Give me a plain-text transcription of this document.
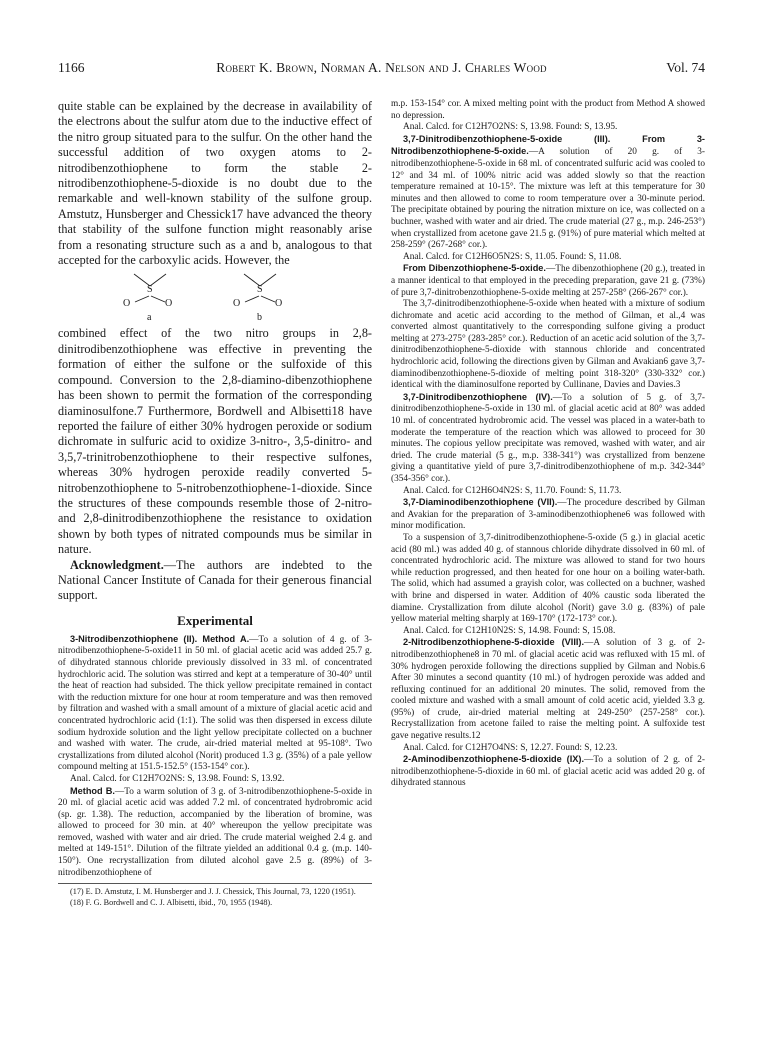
1166	Robert K. Brown, Norman A. Nelson and J. Charles Wood	Vol. 74

quite stable can be explained by the decrease in availability of the electrons about the sulfur atom due to the inductive effect of the nitro group situated para to the sulfur. On the other hand the successful addition of two oxygen atoms to 2-nitrodibenzothiophene to form the stable 2-nitrodibenzothiophene-5-dioxide is no doubt due to the remarkable and well-known stability of the sulfone group. Amstutz, Hunsberger and Chessick17 have advanced the theory that stability of the sulfone function might reasonably arise from a resonating structure such as a and b, analogous to that accepted for the carboxylic acids. However, the

S
O	O
a
S
O	O
b

combined effect of the two nitro groups in 2,8-dinitrodibenzothiophene was effective in preventing the formation of either the sulfone or the sulfoxide of this compound. Conversion to the 2,8-diamino-dibenzothiophene has been shown to permit the formation of the corresponding diaminosulfone.7 Furthermore, Bordwell and Albisetti18 have reported the failure of either 30% hydrogen peroxide or sodium dichromate in sulfuric acid to oxidize 3-nitro-, 3,5-dinitro- and 3,5,7-trinitrobenzothiophene to their respective sulfones, whereas 30% hydrogen peroxide readily converted 5-nitrobenzothiophene to 5-nitrobenzothiophene-1-dioxide. Since the structures of these compounds resemble those of 2-nitro- and 2,8-dinitrodibenzothiophene the resistance to oxidation shown by both types of nitrated compounds mus be similar in nature.

Acknowledgment.—The authors are indebted to the National Cancer Institute of Canada for their generous financial support.

Experimental

3-Nitrodibenzothiophene (II). Method A.—To a solution of 4 g. of 3-nitrodibenzothiophene-5-oxide11 in 50 ml. of glacial acetic acid was added 25.7 g. of dihydrated stannous chloride previously dissolved in 33 ml. of concentrated hydrochloric acid. The solution was stirred and kept at a temperature of 30-40° until the heat of reaction had subsided. The thick yellow precipitate remained in contact with the reduction mixture for one hour at room temperature and was then removed by filtration and washed with a small amount of a mixture of glacial acetic acid and concentrated hydrochloric acid (1:1). The solid was then dispersed in excess dilute sodium hydroxide solution and the light yellow precipitate collected on a buchner and washed with water. The crude, air-dried material melted at 95-108°. Two crystallizations from diluted alcohol (Norit) produced 1.3 g. (35%) of a pale yellow compound melting at 151.5-152.5° (153-154° cor.).

Anal. Calcd. for C12H7O2NS: S, 13.98. Found: S, 13.92.

Method B.—To a warm solution of 3 g. of 3-nitrodibenzothiophene-5-oxide in 20 ml. of glacial acetic acid was added 7.2 ml. of concentrated hydrobromic acid (sp. gr. 1.38). The reduction, accompanied by the liberation of bromine, was allowed to proceed for 30 min. at 40° whereupon the yellow precipitate was removed, washed with water and air dried. The crude material weighed 2.4 g. and melted at 149-151°. Dilution of the filtrate yielded an additional 0.4 g. (m.p. 140-150°). One recrystallization from diluted alcohol gave 2.5 g. (89%) of 3-nitrodibenzothiophene of

(17) E. D. Amstutz, I. M. Hunsberger and J. J. Chessick, This Journal, 73, 1220 (1951).

(18) F. G. Bordwell and C. J. Albisetti, ibid., 70, 1955 (1948).

m.p. 153-154° cor. A mixed melting point with the product from Method A showed no depression.

Anal. Calcd. for C12H7O2NS: S, 13.98. Found: S, 13.95.

3,7-Dinitrodibenzothiophene-5-oxide (III). From 3-Nitrodibenzothiophene-5-oxide.—A solution of 20 g. of 3-nitrodibenzothiophene-5-oxide in 68 ml. of concentrated sulfuric acid was cooled to 12° and 34 ml. of 100% nitric acid was added slowly so that the reaction temperature remained at 10-15°. The mixture was left at this temperature for 30 minutes and then allowed to come to room temperature over a 30-minute period. The precipitate obtained by pouring the nitration mixture on ice, was collected on a buchner, washed with water and air dried. The crude material (27 g., m.p. 246-253°) when crystallized from acetone gave 21.5 g. (91%) of pure material which melted at 258-259° (267-268° cor.).

Anal. Calcd. for C12H6O5N2S: S, 11.05. Found: S, 11.08.

From Dibenzothiophene-5-oxide.—The dibenzothiophene (20 g.), treated in a manner identical to that employed in the preceding preparation, gave 21 g. (73%) of pure 3,7-dinitrobenzothiophene-5-oxide melting at 257-258° (266-267° cor.).

The 3,7-dinitrodibenzothiophene-5-oxide when heated with a mixture of sodium dichromate and acetic acid according to the method of Gilman, et al.,4 was converted almost quantitatively to the corresponding sulfone giving a product melting at 273-275° (283-285° cor.). Reduction of an acetic acid solution of the 3,7-dinitrodibenzothiophene-5-dioxide with stannous chloride and concentrated hydrochloric acid, following the directions given by Gilman and Avakian6 gave 3,7-diaminodibenzothiophene-5-dioxide of melting point 318-320° (330-332° cor.) identical with the diaminosulfone reported by Cullinane, Davies and Davies.3

3,7-Dinitrodibenzothiophene (IV).—To a solution of 5 g. of 3,7-dinitrodibenzothiophene-5-oxide in 130 ml. of glacial acetic acid at 80° was added 10 ml. of concentrated hydrobromic acid. The vessel was placed in a water-bath to moderate the temperature of the reaction which was allowed to proceed for 30 minutes. The copious yellow precipitate was removed, washed with water, and air dried. The crude material (5 g., m.p. 338-341°) was crystallized from benzene giving a quantitative yield of pure 3,7-dinitrodibenzothiophene of m.p. 342-344° (354-356° cor.).

Anal. Calcd. for C12H6O4N2S: S, 11.70. Found: S, 11.73.

3,7-Diaminodibenzothiophene (VII).—The procedure described by Gilman and Avakian for the preparation of 3-aminodibenzothiophene6 was followed with minor modification.

To a suspension of 3,7-dinitrodibenzothiophene-5-oxide (5 g.) in glacial acetic acid (80 ml.) was added 40 g. of stannous chloride dihydrate dissolved in 60 ml. of concentrated hydrochloric acid. The mixture was allowed to stand for two hours while reduction progressed, and then heated for one hour on a boiling water-bath. The solid, which had assumed a grayish color, was collected on a buchner, washed with brine and dispersed in water. Addition of 40% caustic soda liberated the diamine. Crystallization from dilute alcohol (Norit) gave 3.0 g. (83%) of pale yellow material melting sharply at 169-170° (172-173° cor.).

Anal. Calcd. for C12H10N2S: S, 14.98. Found: S, 15.08.

2-Nitrodibenzothiophene-5-dioxide (VIII).—A solution of 3 g. of 2-nitrodibenzothiophene8 in 70 ml. of glacial acetic acid was refluxed with 15 ml. of 30% hydrogen peroxide following the directions supplied by Gilman and Nobis.6 After 30 minutes a second quantity (10 ml.) of hydrogen peroxide was added and refluxing continued for an additional 20 minutes. The solid, removed from the cooled mixture and washed with a small amount of cold acetic acid, yielded 3.3 g. (95%) of crude, air-dried material melting at 249-250° (257-258° cor.). Recrystallization from acetone failed to raise the melting point. A sulfoxide test gave negative results.12

Anal. Calcd. for C12H7O4NS: S, 12.27. Found: S, 12.23.

2-Aminodibenzothiophene-5-dioxide (IX).—To a solution of 2 g. of 2-nitrodibenzothiophene-5-dioxide in 60 ml. of glacial acetic acid was added 20 g. of dihydrated stannous
